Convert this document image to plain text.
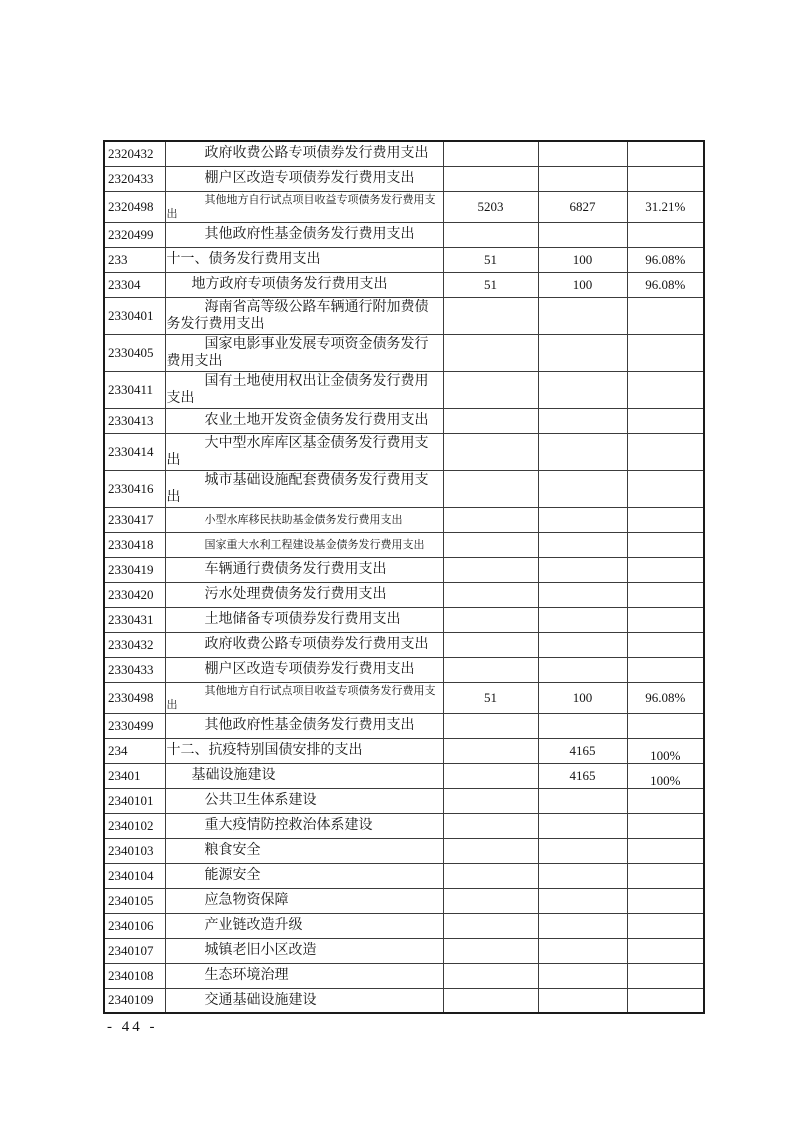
2320432	政府收费公路专项债券发行费用支出			

2320433	棚户区改造专项债券发行费用支出			

2320498	其他地方自行试点项目收益专项债务发行费用支出	5203	6827	31.21%
2320499	其他政府性基金债务发行费用支出			

233	十一、债务发行费用支出	51	100	96.08%
23304	地方政府专项债务发行费用支出	51	100	96.08%
2330401	海南省高等级公路车辆通行附加费债务发行费用支出			

2330405	国家电影事业发展专项资金债务发行费用支出			

2330411	国有土地使用权出让金债务发行费用支出			

2330413	农业土地开发资金债务发行费用支出			

2330414	大中型水库库区基金债务发行费用支出			

2330416	城市基础设施配套费债务发行费用支出			

2330417	小型水库移民扶助基金债务发行费用支出			

2330418	国家重大水利工程建设基金债务发行费用支出			

2330419	车辆通行费债务发行费用支出			

2330420	污水处理费债务发行费用支出			

2330431	土地储备专项债券发行费用支出			

2330432	政府收费公路专项债券发行费用支出			

2330433	棚户区改造专项债券发行费用支出			

2330498	其他地方自行试点项目收益专项债务发行费用支出	51	100	96.08%
2330499	其他政府性基金债务发行费用支出			

234	十二、抗疫特别国债安排的支出		4165	100%
23401	基础设施建设		4165	100%
2340101	公共卫生体系建设			

2340102	重大疫情防控救治体系建设			

2340103	粮食安全			

2340104	能源安全			

2340105	应急物资保障			

2340106	产业链改造升级			

2340107	城镇老旧小区改造			

2340108	生态环境治理			

2340109	交通基础设施建设			

- 44 -
